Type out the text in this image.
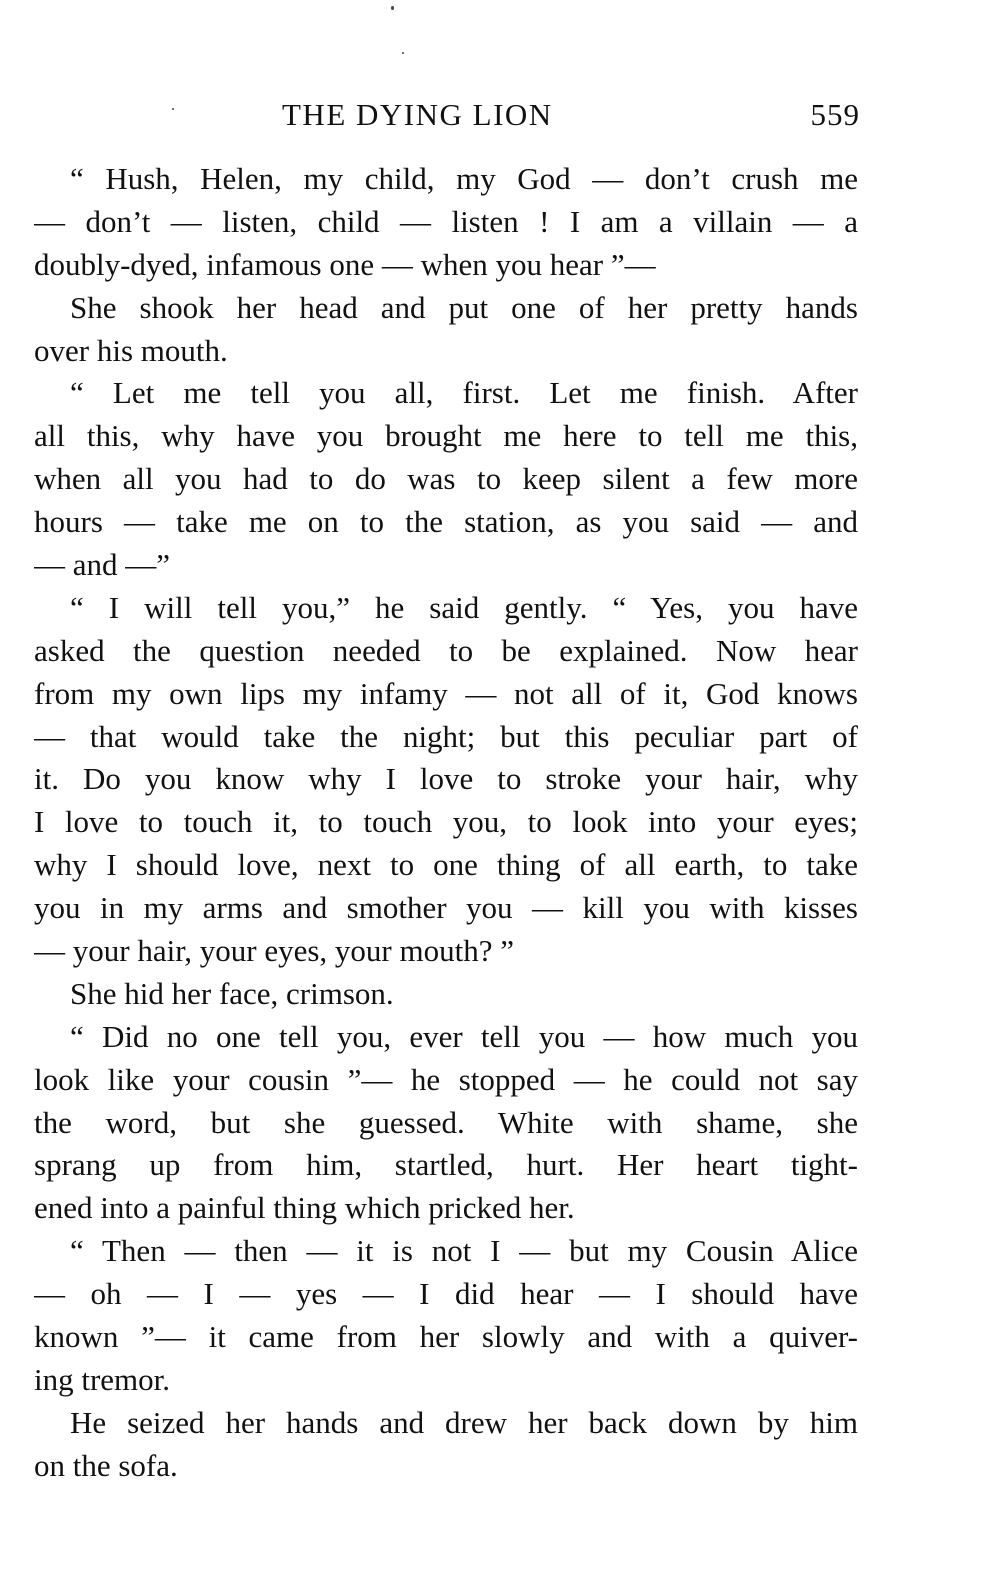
THE DYING LION	559
“ Hush, Helen, my child, my God — don’t crush me
— don’t — listen, child — listen ! I am a villain — a
doubly-dyed, infamous one — when you hear ”—
She shook her head and put one of her pretty hands
over his mouth.
“ Let me tell you all, first. Let me finish. After
all this, why have you brought me here to tell me this,
when all you had to do was to keep silent a few more
hours — take me on to the station, as you said — and
— and —”
“ I will tell you,” he said gently. “ Yes, you have
asked the question needed to be explained. Now hear
from my own lips my infamy — not all of it, God knows
— that would take the night; but this peculiar part of
it. Do you know why I love to stroke your hair, why
I love to touch it, to touch you, to look into your eyes;
why I should love, next to one thing of all earth, to take
you in my arms and smother you — kill you with kisses
— your hair, your eyes, your mouth? ”
She hid her face, crimson.
“ Did no one tell you, ever tell you — how much you
look like your cousin ”— he stopped — he could not say
the word, but she guessed. White with shame, she
sprang up from him, startled, hurt. Her heart tight-
ened into a painful thing which pricked her.
“ Then — then — it is not I — but my Cousin Alice
— oh — I — yes — I did hear — I should have
known ”— it came from her slowly and with a quiver-
ing tremor.
He seized her hands and drew her back down by him
on the sofa.
